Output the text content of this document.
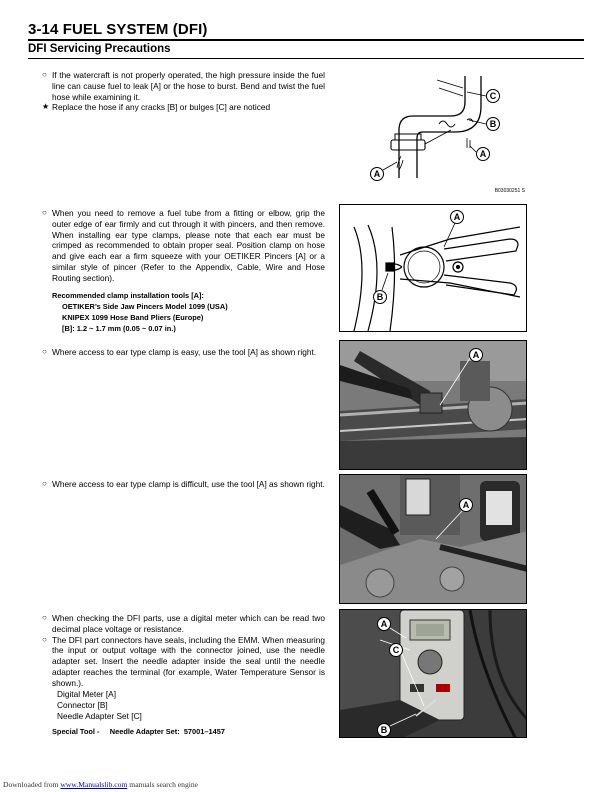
3-14 FUEL SYSTEM (DFI)
DFI Servicing Precautions
○ If the watercraft is not properly operated, the high pressure inside the fuel line can cause fuel to leak [A] or the hose to burst. Bend and twist the fuel hose while examining it.
★ Replace the hose if any cracks [B] or bulges [C] are noticed
C
B
A
A
B03030251 S
○ When you need to remove a fuel tube from a fitting or elbow, grip the outer edge of ear firmly and cut through it with pincers, and then remove. When installing ear type clamps, please note that each ear must be crimped as recommended to obtain proper seal. Position clamp on hose and give each ear a firm squeeze with your OETIKER Pincers [A] or a similar style of pincer (Refer to the Appendix, Cable, Wire and Hose Routing section).
Recommended clamp installation tools [A]:
OETIKER’s Side Jaw Pincers Model 1099 (USA)
KNIPEX 1099 Hose Band Pliers (Europe)
[B]: 1.2 ~ 1.7 mm (0.05 ~ 0.07 in.)
A
B
○ Where access to ear type clamp is easy, use the tool [A] as shown right.	A
○ Where access to ear type clamp is difficult, use the tool [A] as shown right.
A
○ When checking the DFI parts, use a digital meter which can be read two decimal place voltage or resistance.
○ The DFI part connectors have seals, including the EMM. When measuring the input or output voltage with the connector joined, use the needle adapter set. Insert the needle adapter inside the seal until the needle adapter reaches the terminal (for example, Water Temperature Sensor is shown.).
Digital Meter [A]
Connector [B]
Needle Adapter Set [C]
Special Tool -     Needle Adapter Set:  57001–1457
A
C
B
Downloaded from www.Manualslib.com manuals search engine
